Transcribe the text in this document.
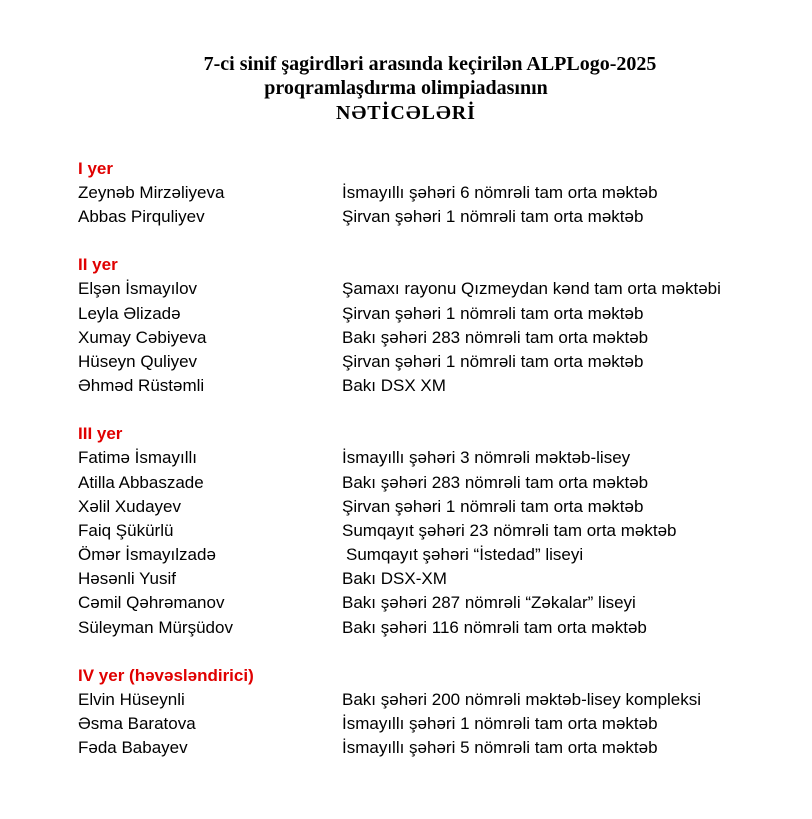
7-ci sinif şagirdləri arasında keçirilən ALPLogo-2025
proqramlaşdırma olimpiadasının
NƏTİCƏLƏRİ
I yer
Zeynəb Mirzəliyeva	İsmayıllı şəhəri 6 nömrəli tam orta məktəb
Abbas Pirquliyev	Şirvan şəhəri 1 nömrəli tam orta məktəb
II yer
Elşən İsmayılov	Şamaxı rayonu Qızmeydan kənd tam orta məktəbi
Leyla Əlizadə	Şirvan şəhəri 1 nömrəli tam orta məktəb
Xumay Cəbiyeva	Bakı şəhəri 283 nömrəli tam orta məktəb
Hüseyn Quliyev	Şirvan şəhəri 1 nömrəli tam orta məktəb
Əhməd Rüstəmli	Bakı DSX XM
III yer
Fatimə İsmayıllı	İsmayıllı şəhəri 3 nömrəli məktəb-lisey
Atilla Abbaszade	Bakı şəhəri 283 nömrəli tam orta məktəb
Xəlil Xudayev	Şirvan şəhəri 1 nömrəli tam orta məktəb
Faiq Şükürlü	Sumqayıt şəhəri 23 nömrəli tam orta məktəb
Ömər İsmayılzadə	Sumqayıt şəhəri “İstedad” liseyi
Həsənli Yusif	Bakı DSX-XM
Cəmil Qəhrəmanov	Bakı şəhəri 287 nömrəli “Zəkalar” liseyi
Süleyman Mürşüdov	Bakı şəhəri 116 nömrəli tam orta məktəb
IV yer (həvəsləndirici)
Elvin Hüseynli	Bakı şəhəri 200 nömrəli məktəb-lisey kompleksi
Əsma Baratova	İsmayıllı şəhəri 1 nömrəli tam orta məktəb
Fəda Babayev	İsmayıllı şəhəri 5 nömrəli tam orta məktəb
